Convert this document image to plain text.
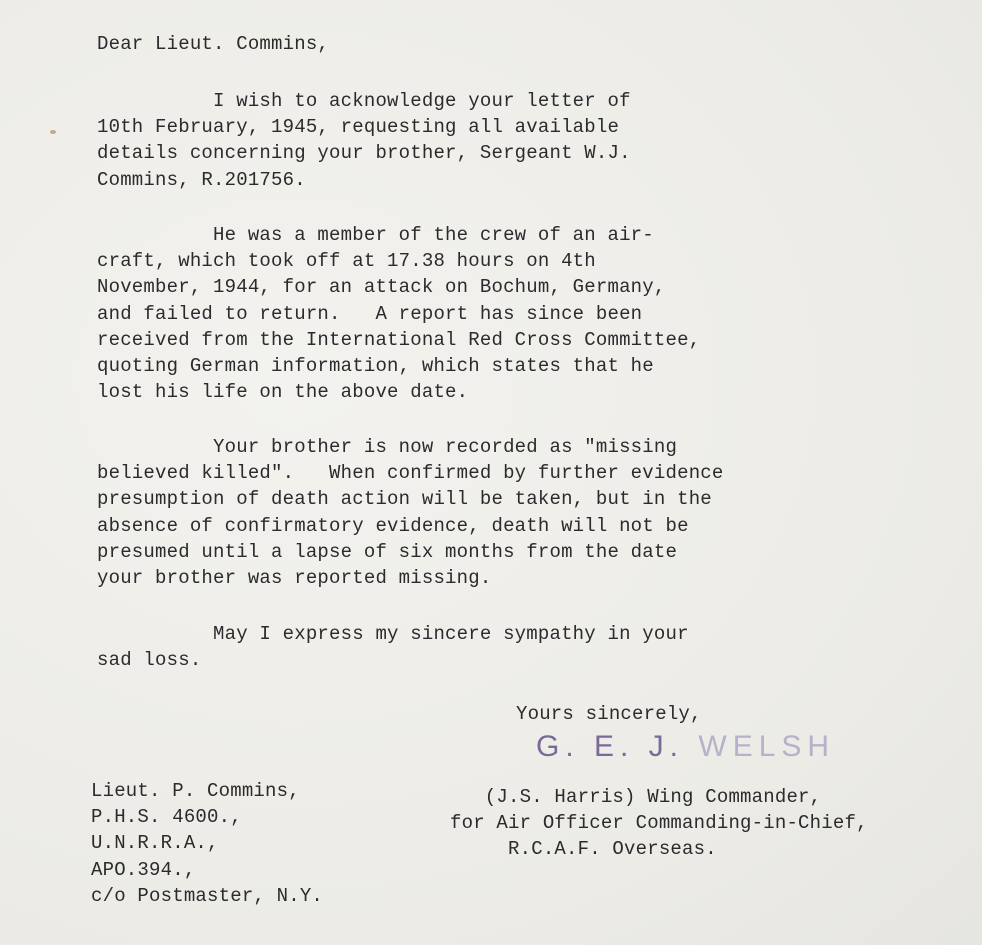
Dear Lieut. Commins,
I wish to acknowledge your letter of
10th February, 1945, requesting all available
details concerning your brother, Sergeant W.J.
Commins, R.201756.
He was a member of the crew of an air-
craft, which took off at 17.38 hours on 4th
November, 1944, for an attack on Bochum, Germany,
and failed to return.   A report has since been
received from the International Red Cross Committee,
quoting German information, which states that he
lost his life on the above date.
Your brother is now recorded as "missing
believed killed".   When confirmed by further evidence
presumption of death action will be taken, but in the
absence of confirmatory evidence, death will not be
presumed until a lapse of six months from the date
your brother was reported missing.
May I express my sincere sympathy in your
sad loss.
Yours sincerely,
G. E. J. WELSH
(J.S. Harris) Wing Commander,
for Air Officer Commanding-in-Chief,
R.C.A.F. Overseas.
Lieut. P. Commins,
P.H.S. 4600.,
U.N.R.R.A.,
APO.394.,
c/o Postmaster, N.Y.
